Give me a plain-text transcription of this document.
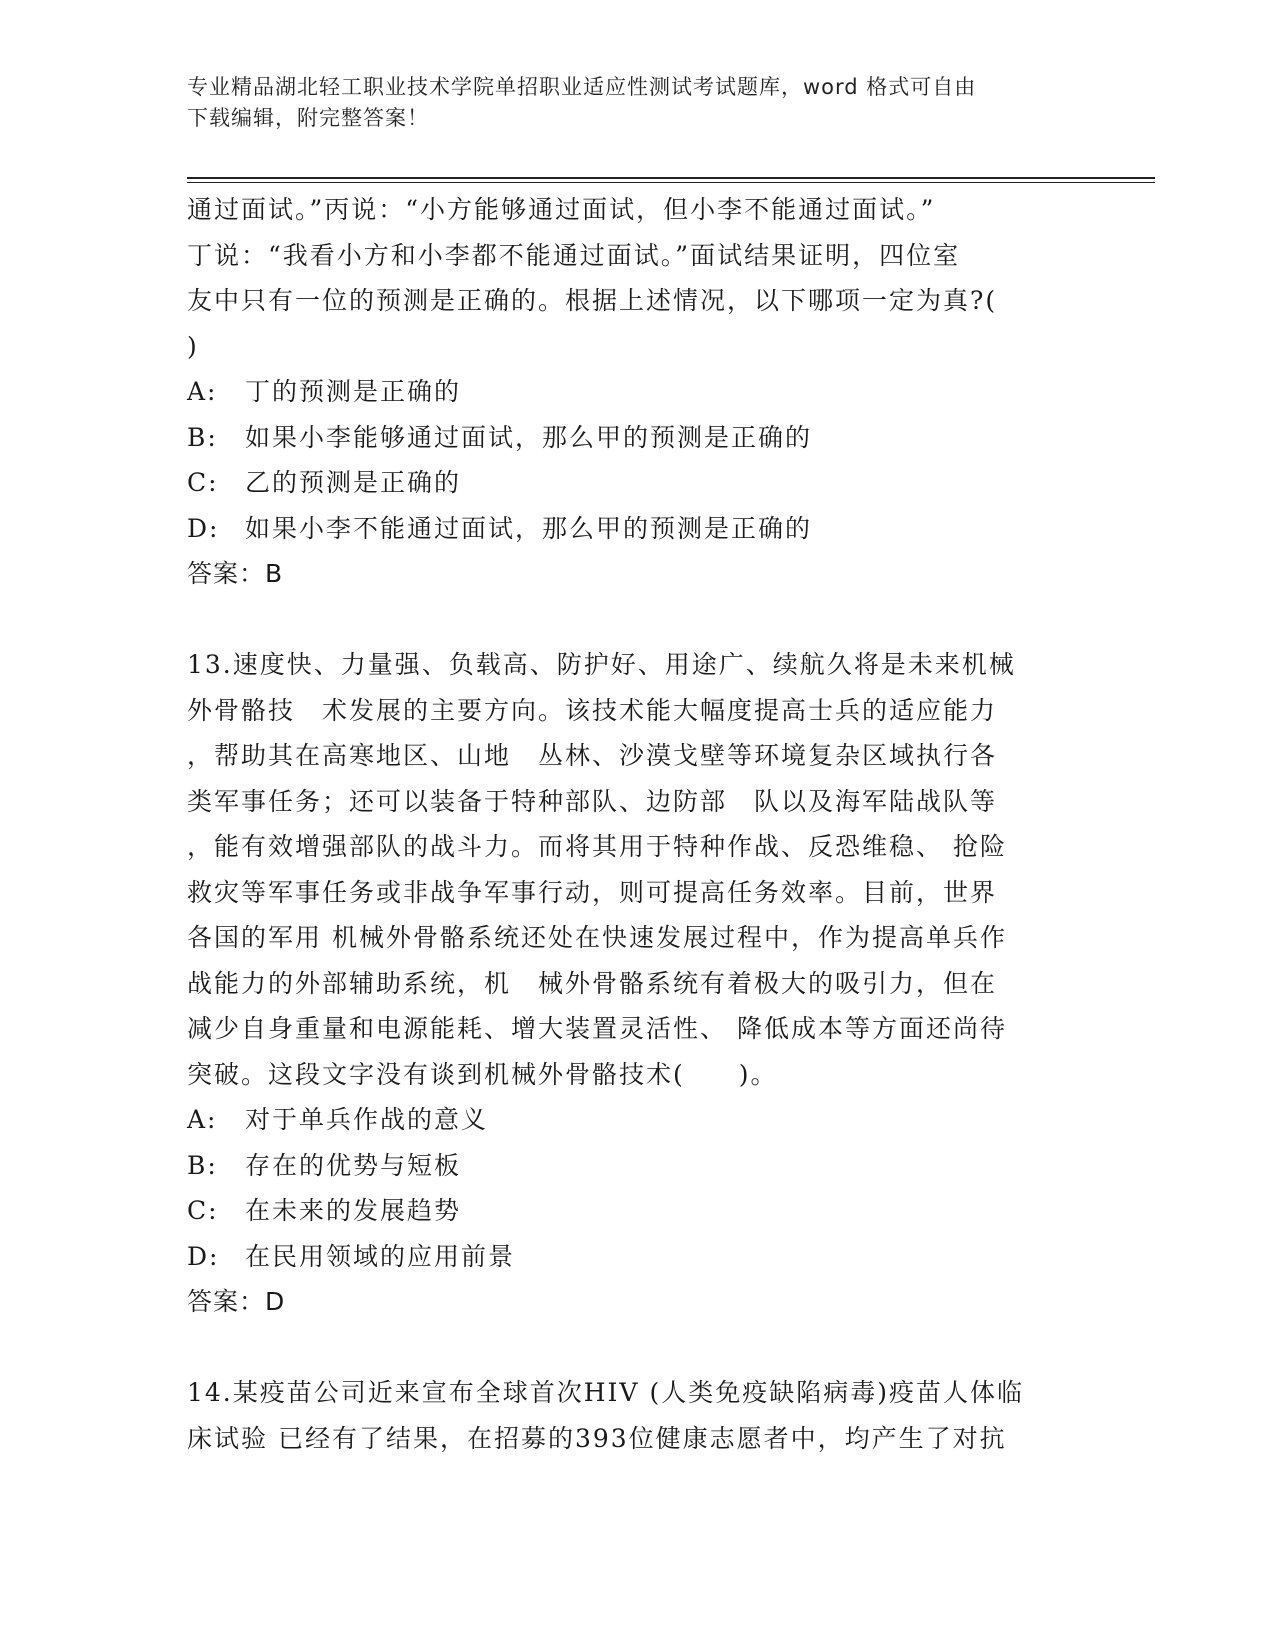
专业精品湖北轻工职业技术学院单招职业适应性测试考试题库，word 格式可自由
下载编辑，附完整答案！

通过面试。”丙说：“小方能够通过面试，但小李不能通过面试。”

丁说：“我看小方和小李都不能通过面试。”面试结果证明，四位室

友中只有一位的预测是正确的。根据上述情况，以下哪项一定为真?(

)

A:	丁的预测是正确的
B:	如果小李能够通过面试，那么甲的预测是正确的
C:	乙的预测是正确的
D:	如果小李不能通过面试，那么甲的预测是正确的

答案：B

13.速度快、力量强、负载高、防护好、用途广、续航久将是未来机械

外骨骼技　术发展的主要方向。该技术能大幅度提高士兵的适应能力

，帮助其在高寒地区、山地　丛林、沙漠戈壁等环境复杂区域执行各

类军事任务；还可以装备于特种部队、边防部　队以及海军陆战队等

，能有效增强部队的战斗力。而将其用于特种作战、反恐维稳、 抢险

救灾等军事任务或非战争军事行动，则可提高任务效率。目前，世界

各国的军用 机械外骨骼系统还处在快速发展过程中，作为提高单兵作

战能力的外部辅助系统，机　械外骨骼系统有着极大的吸引力，但在

减少自身重量和电源能耗、增大装置灵活性、 降低成本等方面还尚待

突破。这段文字没有谈到机械外骨骼技术(　　)。

A:	对于单兵作战的意义
B:	存在的优势与短板
C:	在未来的发展趋势
D:	在民用领域的应用前景

答案：D

14.某疫苗公司近来宣布全球首次HIV (人类免疫缺陷病毒)疫苗人体临

床试验 已经有了结果，在招募的393位健康志愿者中，均产生了对抗
